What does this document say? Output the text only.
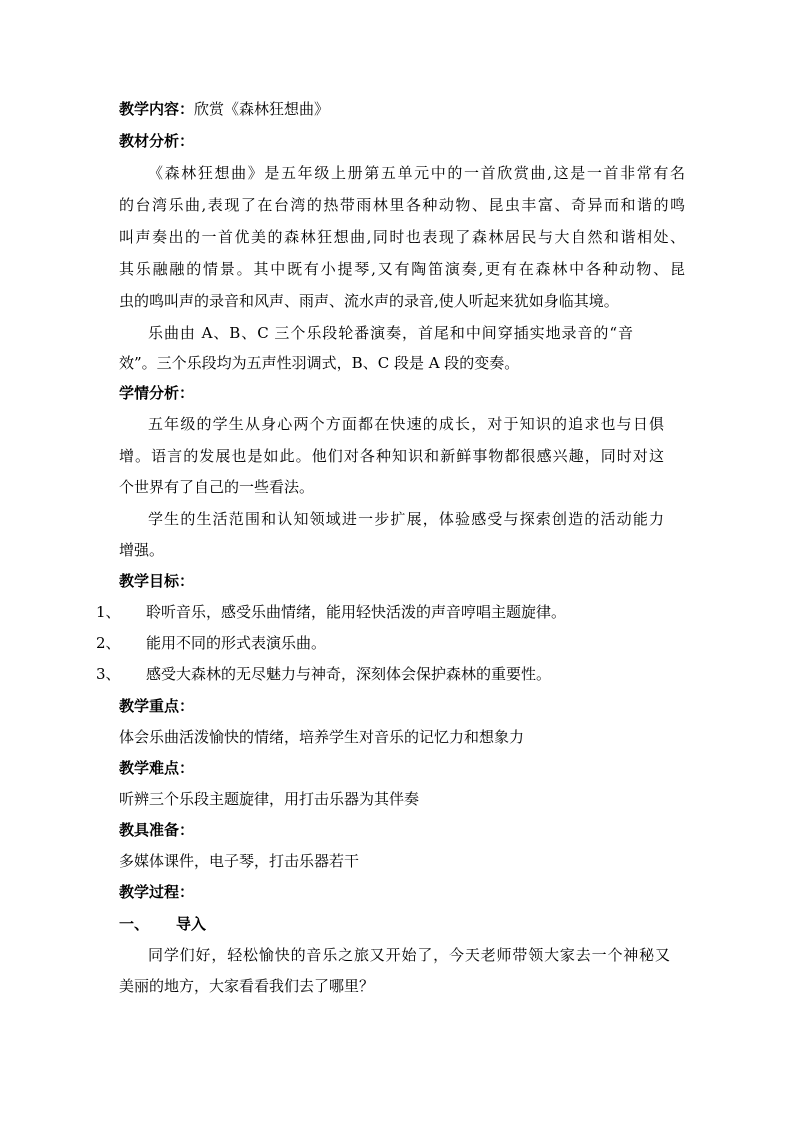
教学内容：欣赏《森林狂想曲》
教材分析：
《森林狂想曲》是五年级上册第五单元中的一首欣赏曲,这是一首非常有名
的台湾乐曲,表现了在台湾的热带雨林里各种动物、昆虫丰富、奇异而和谐的鸣
叫声奏出的一首优美的森林狂想曲,同时也表现了森林居民与大自然和谐相处、
其乐融融的情景。其中既有小提琴,又有陶笛演奏,更有在森林中各种动物、昆
虫的鸣叫声的录音和风声、雨声、流水声的录音,使人听起来犹如身临其境。
乐曲由 A、B、C 三个乐段轮番演奏，首尾和中间穿插实地录音的“音
效”。三个乐段均为五声性羽调式，B、C 段是 A 段的变奏。
学情分析：
五年级的学生从身心两个方面都在快速的成长，对于知识的追求也与日俱
增。语言的发展也是如此。他们对各种知识和新鲜事物都很感兴趣，同时对这
个世界有了自己的一些看法。
学生的生活范围和认知领域进一步扩展，体验感受与探索创造的活动能力
增强。
教学目标：
1、 聆听音乐，感受乐曲情绪，能用轻快活泼的声音哼唱主题旋律。
2、 能用不同的形式表演乐曲。
3、 感受大森林的无尽魅力与神奇，深刻体会保护森林的重要性。
教学重点：
体会乐曲活泼愉快的情绪，培养学生对音乐的记忆力和想象力
教学难点：
听辨三个乐段主题旋律，用打击乐器为其伴奏
教具准备：
多媒体课件，电子琴，打击乐器若干
教学过程：
一、 导入
同学们好，轻松愉快的音乐之旅又开始了，今天老师带领大家去一个神秘又
美丽的地方，大家看看我们去了哪里？
